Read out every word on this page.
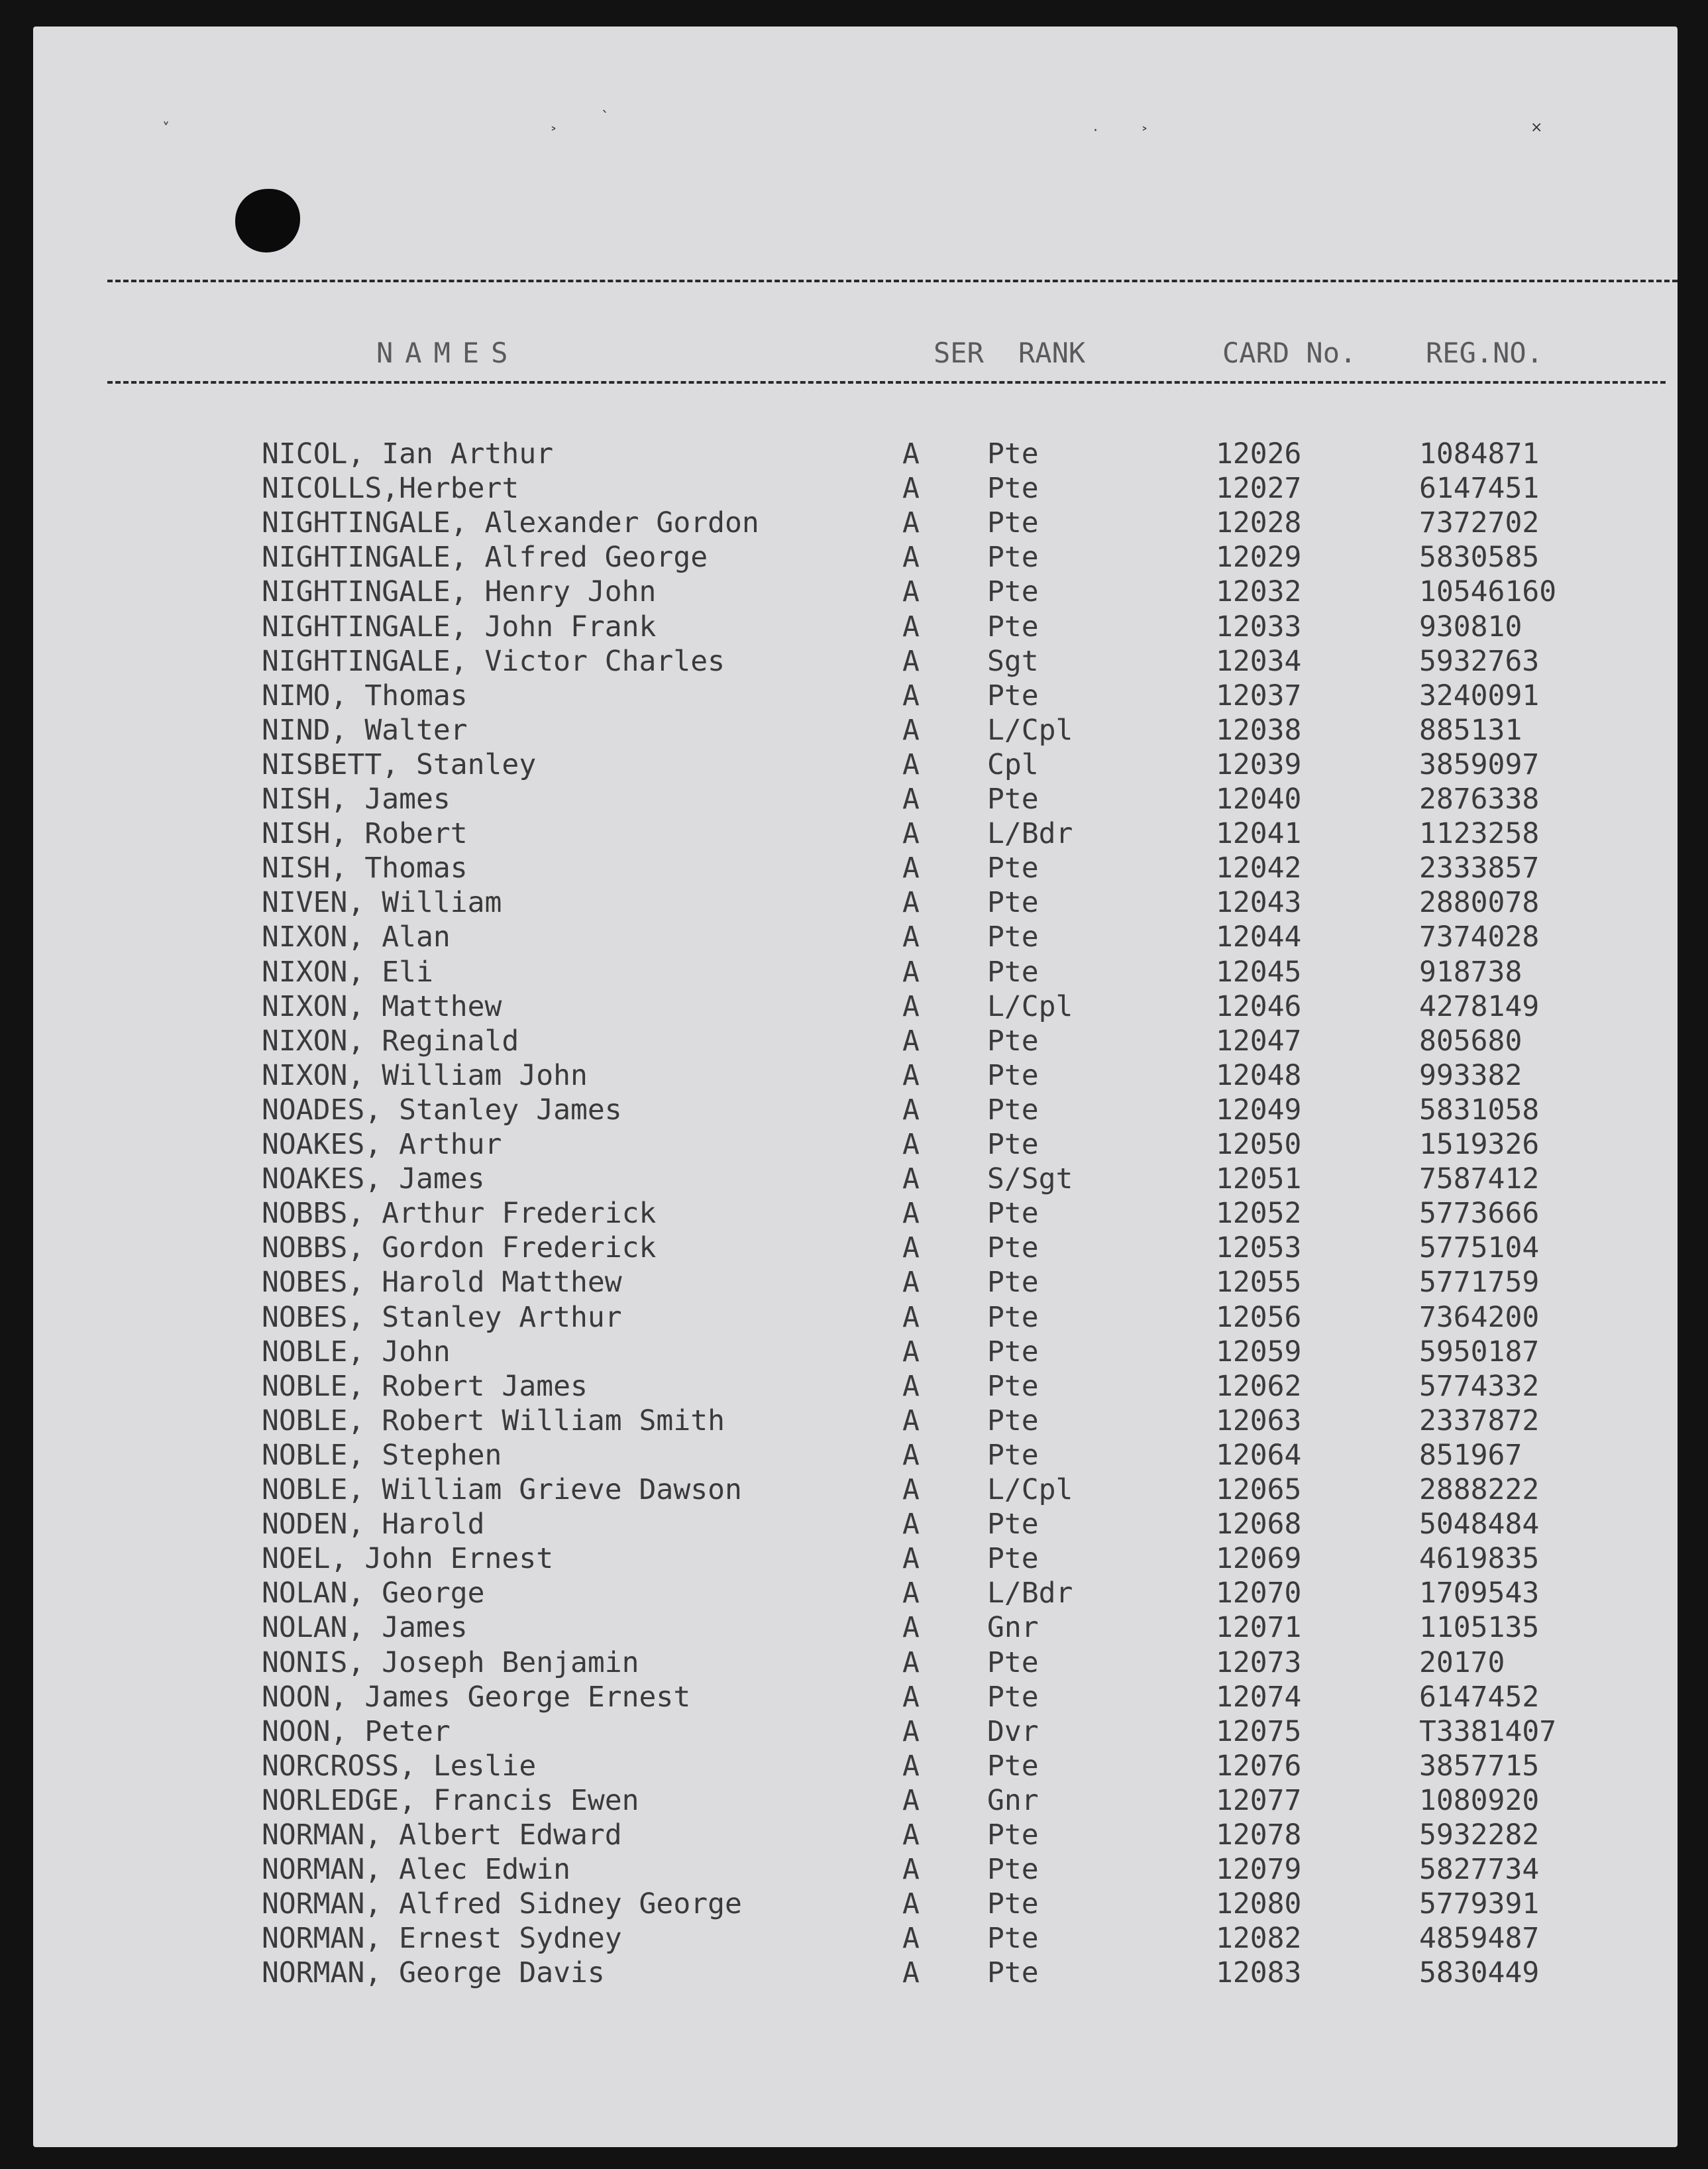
˅	˃
ˋ
·	˃	×
NAMES	SER RANK	CARD No. REG.NO.
NICOL, Ian Arthur	A Pte	12026	1084871
NICOLLS,Herbert	A Pte	12027	6147451
NIGHTINGALE, Alexander Gordon	A Pte	12028	7372702
NIGHTINGALE, Alfred George	A Pte	12029	5830585
NIGHTINGALE, Henry John	A Pte	12032	10546160
NIGHTINGALE, John Frank	A Pte	12033	930810
NIGHTINGALE, Victor Charles	A Sgt	12034	5932763
NIMO, Thomas	A Pte	12037	3240091
NIND, Walter	A L/Cpl	12038	885131
NISBETT, Stanley	A Cpl	12039	3859097
NISH, James	A Pte	12040	2876338
NISH, Robert	A L/Bdr	12041	1123258
NISH, Thomas	A Pte	12042	2333857
NIVEN, William	A Pte	12043	2880078
NIXON, Alan	A Pte	12044	7374028
NIXON, Eli	A Pte	12045	918738
NIXON, Matthew	A L/Cpl	12046	4278149
NIXON, Reginald	A Pte	12047	805680
NIXON, William John	A Pte	12048	993382
NOADES, Stanley James	A Pte	12049	5831058
NOAKES, Arthur	A Pte	12050	1519326
NOAKES, James	A S/Sgt	12051	7587412
NOBBS, Arthur Frederick	A Pte	12052	5773666
NOBBS, Gordon Frederick	A Pte	12053	5775104
NOBES, Harold Matthew	A Pte	12055	5771759
NOBES, Stanley Arthur	A Pte	12056	7364200
NOBLE, John	A Pte	12059	5950187
NOBLE, Robert James	A Pte	12062	5774332
NOBLE, Robert William Smith	A Pte	12063	2337872
NOBLE, Stephen	A Pte	12064	851967
NOBLE, William Grieve Dawson	A L/Cpl	12065	2888222
NODEN, Harold	A Pte	12068	5048484
NOEL, John Ernest	A Pte	12069	4619835
NOLAN, George	A L/Bdr	12070	1709543
NOLAN, James	A Gnr	12071	1105135
NONIS, Joseph Benjamin	A Pte	12073	20170
NOON, James George Ernest	A Pte	12074	6147452
NOON, Peter	A Dvr	12075	T3381407
NORCROSS, Leslie	A Pte	12076	3857715
NORLEDGE, Francis Ewen	A Gnr	12077	1080920
NORMAN, Albert Edward	A Pte	12078	5932282
NORMAN, Alec Edwin	A Pte	12079	5827734
NORMAN, Alfred Sidney George	A Pte	12080	5779391
NORMAN, Ernest Sydney	A Pte	12082	4859487
NORMAN, George Davis	A Pte	12083	5830449
